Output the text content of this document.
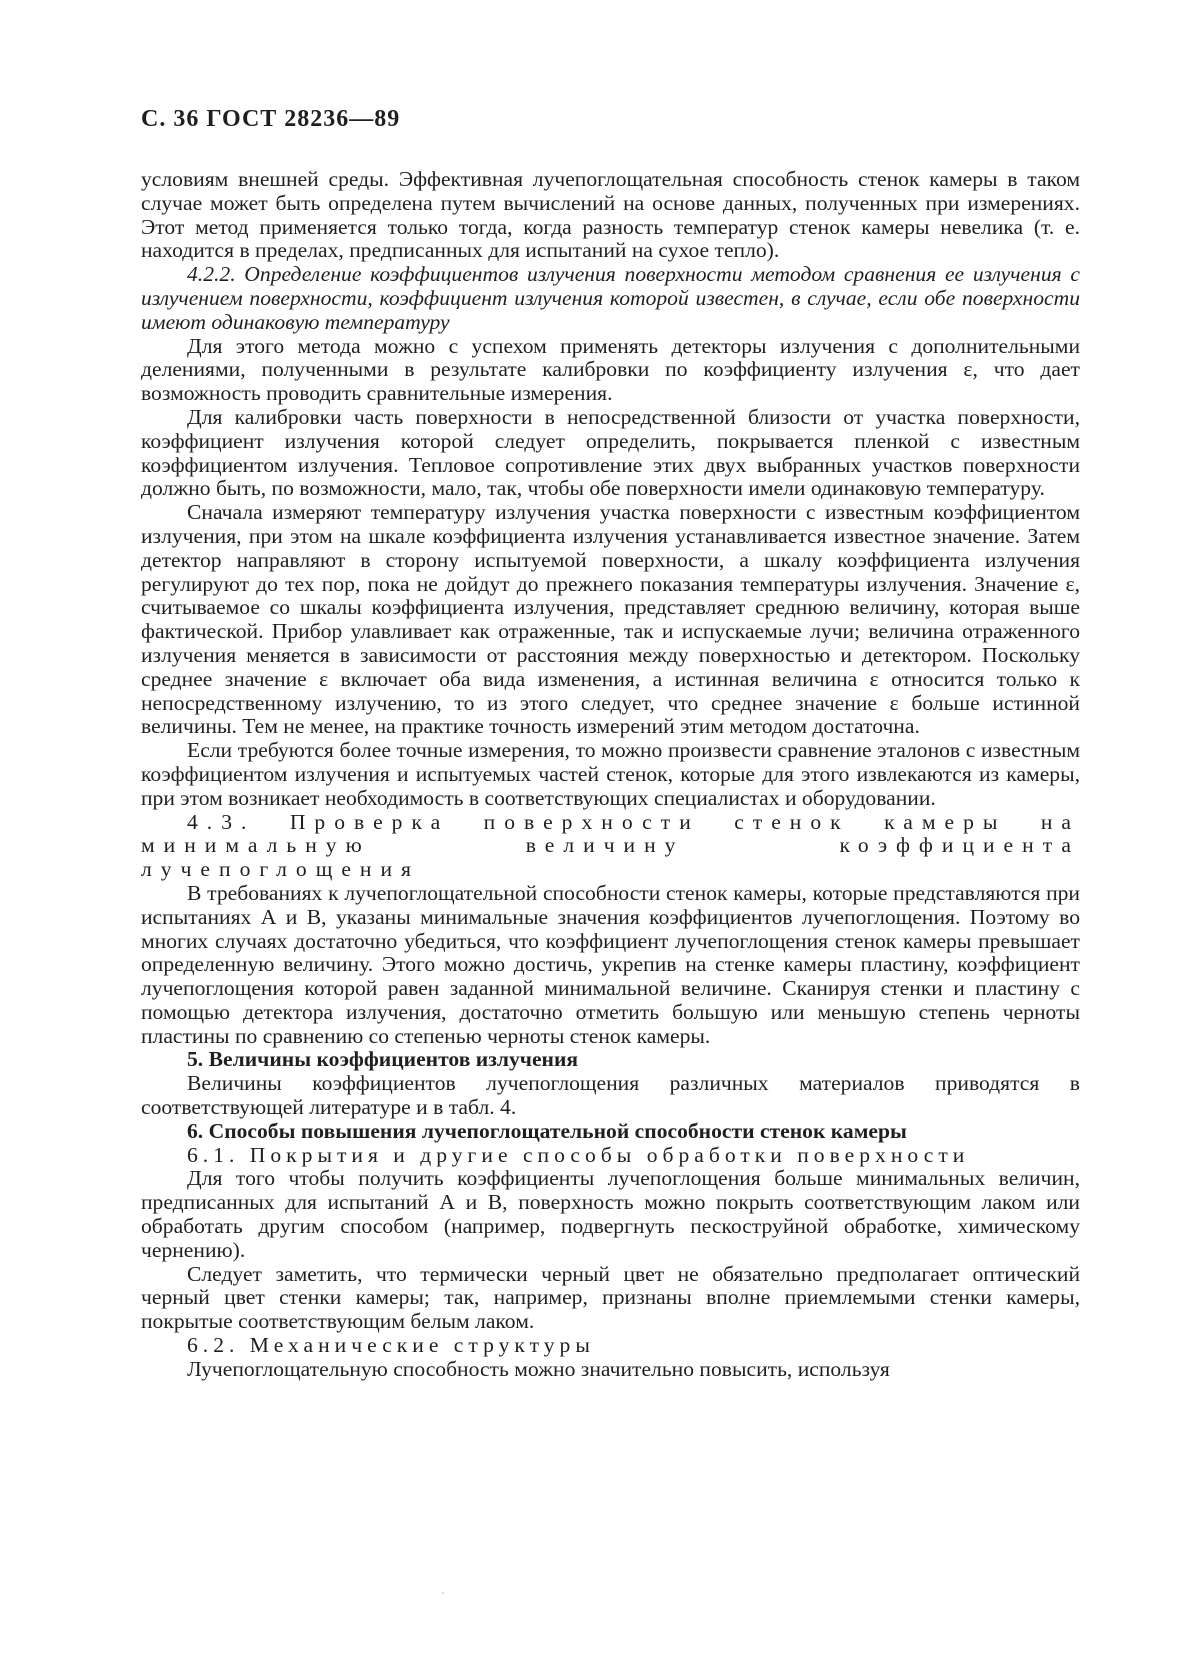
С. 36 ГОСТ 28236—89

условиям внешней среды. Эффективная лучепоглощательная способность стенок камеры в таком случае может быть определена путем вычислений на основе данных, полученных при измерениях. Этот метод применяется только тогда, когда разность температур стенок камеры невелика (т. е. находится в пределах, предписанных для испытаний на сухое тепло).

4.2.2. Определение коэффициентов излучения поверхности методом сравнения ее излучения с излучением поверхности, коэффициент излучения которой известен, в случае, если обе поверхности имеют одинаковую температуру

Для этого метода можно с успехом применять детекторы излучения с дополнительными делениями, полученными в результате калибровки по коэффициенту излучения ε, что дает возможность проводить сравнительные измерения.

Для калибровки часть поверхности в непосредственной близости от участка поверхности, коэффициент излучения которой следует определить, покрывается пленкой с известным коэффициентом излучения. Тепловое сопротивление этих двух выбранных участков поверхности должно быть, по возможности, мало, так, чтобы обе поверхности имели одинаковую температуру.

Сначала измеряют температуру излучения участка поверхности с известным коэффициентом излучения, при этом на шкале коэффициента излучения устанавливается известное значение. Затем детектор направляют в сторону испытуемой поверхности, а шкалу коэффициента излучения регулируют до тех пор, пока не дойдут до прежнего показания температуры излучения. Значение ε, считываемое со шкалы коэффициента излучения, представляет среднюю величину, которая выше фактической. Прибор улавливает как отраженные, так и испускаемые лучи; величина отраженного излучения меняется в зависимости от расстояния между поверхностью и детектором. Поскольку среднее значение ε включает оба вида изменения, а истинная величина ε относится только к непосредственному излучению, то из этого следует, что среднее значение ε больше истинной величины. Тем не менее, на практике точность измерений этим методом достаточна.

Если требуются более точные измерения, то можно произвести сравнение эталонов с известным коэффициентом излучения и испытуемых частей стенок, которые для этого извлекаются из камеры, при этом возникает необходимость в соответствующих специалистах и оборудовании.

4.3. Проверка поверхности стенок камеры на минимальную величину коэффициента лучепоглощения

В требованиях к лучепоглощательной способности стенок камеры, которые представляются при испытаниях А и В, указаны минимальные значения коэффициентов лучепоглощения. Поэтому во многих случаях достаточно убедиться, что коэффициент лучепоглощения стенок камеры превышает определенную величину. Этого можно достичь, укрепив на стенке камеры пластину, коэффициент лучепоглощения которой равен заданной минимальной величине. Сканируя стенки и пластину с помощью детектора излучения, достаточно отметить большую или меньшую степень черноты пластины по сравнению со степенью черноты стенок камеры.

5. Величины коэффициентов излучения

Величины коэффициентов лучепоглощения различных материалов приводятся в соответствующей литературе и в табл. 4.

6. Способы повышения лучепоглощательной способности стенок камеры

6.1. Покрытия и другие способы обработки поверхности

Для того чтобы получить коэффициенты лучепоглощения больше минимальных величин, предписанных для испытаний А и В, поверхность можно покрыть соответствующим лаком или обработать другим способом (например, подвергнуть пескоструйной обработке, химическому чернению).

Следует заметить, что термически черный цвет не обязательно предполагает оптический черный цвет стенки камеры; так, например, признаны вполне приемлемыми стенки камеры, покрытые соответствующим белым лаком.

6.2. Механические структуры

Лучепоглощательную способность можно значительно повысить, используя
